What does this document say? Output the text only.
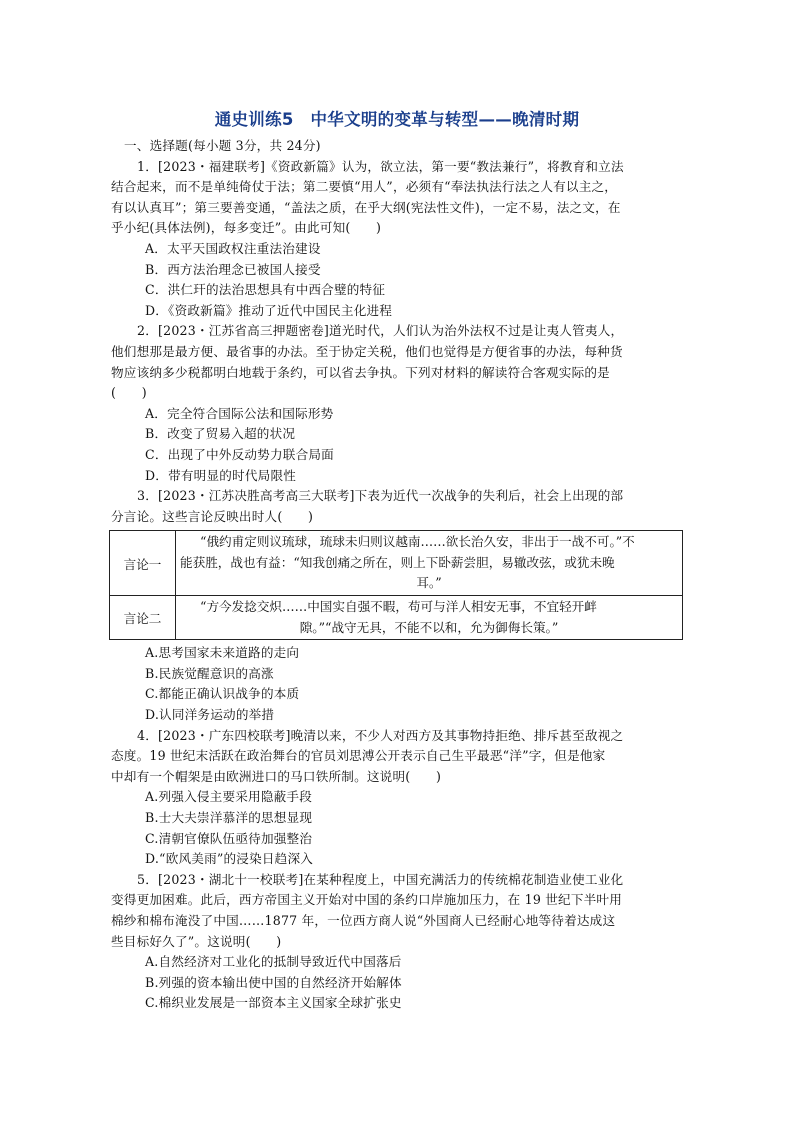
通史训练5　中华文明的变革与转型——晚清时期
一、选择题(每小题 3分，共 24分)
1．[2023・福建联考]《资政新篇》认为，欲立法，第一要“教法兼行”，将教育和立法
结合起来，而不是单纯倚仗于法；第二要慎“用人”，必须有“奉法执法行法之人有以主之，
有以认真耳”；第三要善变通，“盖法之质，在乎大纲(宪法性文件)，一定不易，法之文，在
乎小纪(具体法例)，每多变迁”。由此可知(　　)
A．太平天国政权注重法治建设
B．西方法治理念已被国人接受
C．洪仁玕的法治思想具有中西合璧的特征
D．《资政新篇》推动了近代中国民主化进程
2．[2023・江苏省高三押题密卷]道光时代，人们认为治外法权不过是让夷人管夷人，
他们想那是最方便、最省事的办法。至于协定关税，他们也觉得是方便省事的办法，每种货
物应该纳多少税都明白地载于条约，可以省去争执。下列对材料的解读符合客观实际的是
(　　)
A．完全符合国际公法和国际形势
B．改变了贸易入超的状况
C．出现了中外反动势力联合局面
D．带有明显的时代局限性
3．[2023・江苏决胜高考高三大联考]下表为近代一次战争的失利后，社会上出现的部
分言论。这些言论反映出时人(　　)
言论一	“俄约甫定则议琉球，琉球未归则议越南……欲长治久安，非出于一战不可。”不
能获胜，战也有益：“知我创痛之所在，则上下卧薪尝胆，易辙改弦，或犹未晚
耳。”

言论二	“方今发捻交炽……中国实自强不暇，苟可与洋人相安无事，不宜轻开衅
隙。”“战守无具，不能不以和，允为御侮长策。”
A.思考国家未来道路的走向
B.民族觉醒意识的高涨
C.都能正确认识战争的本质
D.认同洋务运动的举措
4．[2023・广东四校联考]晚清以来，不少人对西方及其事物持拒绝、排斥甚至敌视之
态度。19 世纪末活跃在政治舞台的官员刘思溥公开表示自己生平最恶“洋”字，但是他家
中却有一个帽架是由欧洲进口的马口铁所制。这说明(　　)
A.列强入侵主要采用隐蔽手段
B.士大夫崇洋慕洋的思想显现
C.清朝官僚队伍亟待加强整治
D.“欧风美雨”的浸染日趋深入
5．[2023・湖北十一校联考]在某种程度上，中国充满活力的传统棉花制造业使工业化
变得更加困难。此后，西方帝国主义开始对中国的条约口岸施加压力，在 19 世纪下半叶用
棉纱和棉布淹没了中国……1877 年，一位西方商人说“外国商人已经耐心地等待着达成这
些目标好久了”。这说明(　　)
A.自然经济对工业化的抵制导致近代中国落后
B.列强的资本输出使中国的自然经济开始解体
C.棉织业发展是一部资本主义国家全球扩张史
